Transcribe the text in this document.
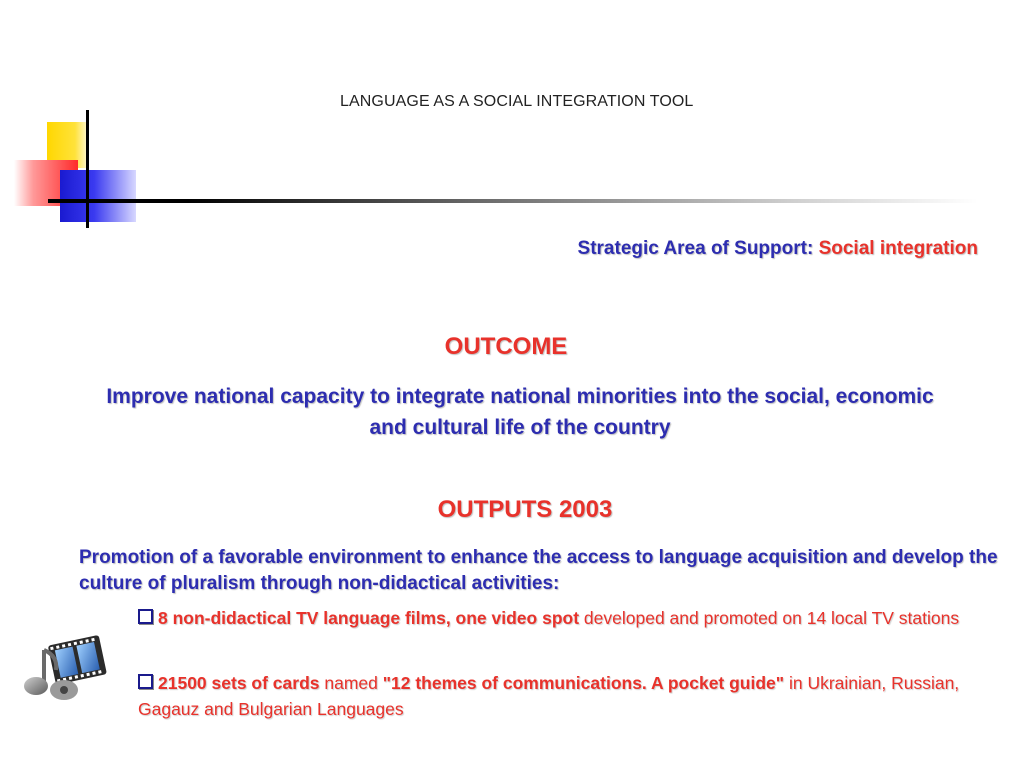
LANGUAGE AS A SOCIAL INTEGRATION TOOL
Strategic Area of Support: Social integration
OUTCOME
Improve national capacity to integrate national minorities into the social, economic and cultural life of the country
OUTPUTS 2003
Promotion of a favorable environment to enhance the access to language acquisition and develop the culture of pluralism through non-didactical activities:
8 non-didactical TV language films, one video spot developed and promoted on 14 local TV stations
21500 sets of cards named "12 themes of communications. A pocket guide" in Ukrainian, Russian, Gagauz and Bulgarian Languages
